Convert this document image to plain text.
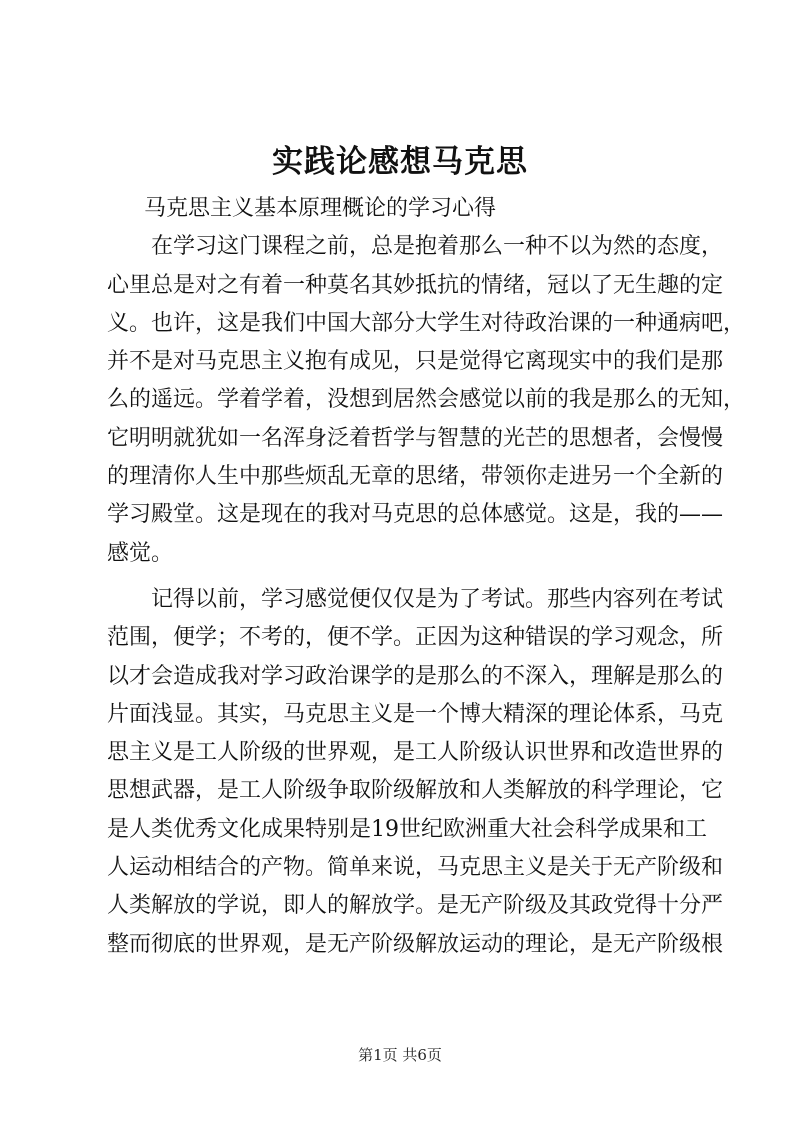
实践论感想马克思
马克思主义基本原理概论的学习心得
在学习这门课程之前，总是抱着那么一种不以为然的态度，
心里总是对之有着一种莫名其妙抵抗的情绪，冠以了无生趣的定
义。也许，这是我们中国大部分大学生对待政治课的一种通病吧，
并不是对马克思主义抱有成见，只是觉得它离现实中的我们是那
么的遥远。学着学着，没想到居然会感觉以前的我是那么的无知，
它明明就犹如一名浑身泛着哲学与智慧的光芒的思想者，会慢慢
的理清你人生中那些烦乱无章的思绪，带领你走进另一个全新的
学习殿堂。这是现在的我对马克思的总体感觉。这是，我的——
感觉。
记得以前，学习感觉便仅仅是为了考试。那些内容列在考试
范围，便学；不考的，便不学。正因为这种错误的学习观念，所
以才会造成我对学习政治课学的是那么的不深入，理解是那么的
片面浅显。其实，马克思主义是一个博大精深的理论体系，马克
思主义是工人阶级的世界观，是工人阶级认识世界和改造世界的
思想武器，是工人阶级争取阶级解放和人类解放的科学理论，它
是人类优秀文化成果特别是19世纪欧洲重大社会科学成果和工
人运动相结合的产物。简单来说，马克思主义是关于无产阶级和
人类解放的学说，即人的解放学。是无产阶级及其政党得十分严
整而彻底的世界观，是无产阶级解放运动的理论，是无产阶级根
第1页 共6页
